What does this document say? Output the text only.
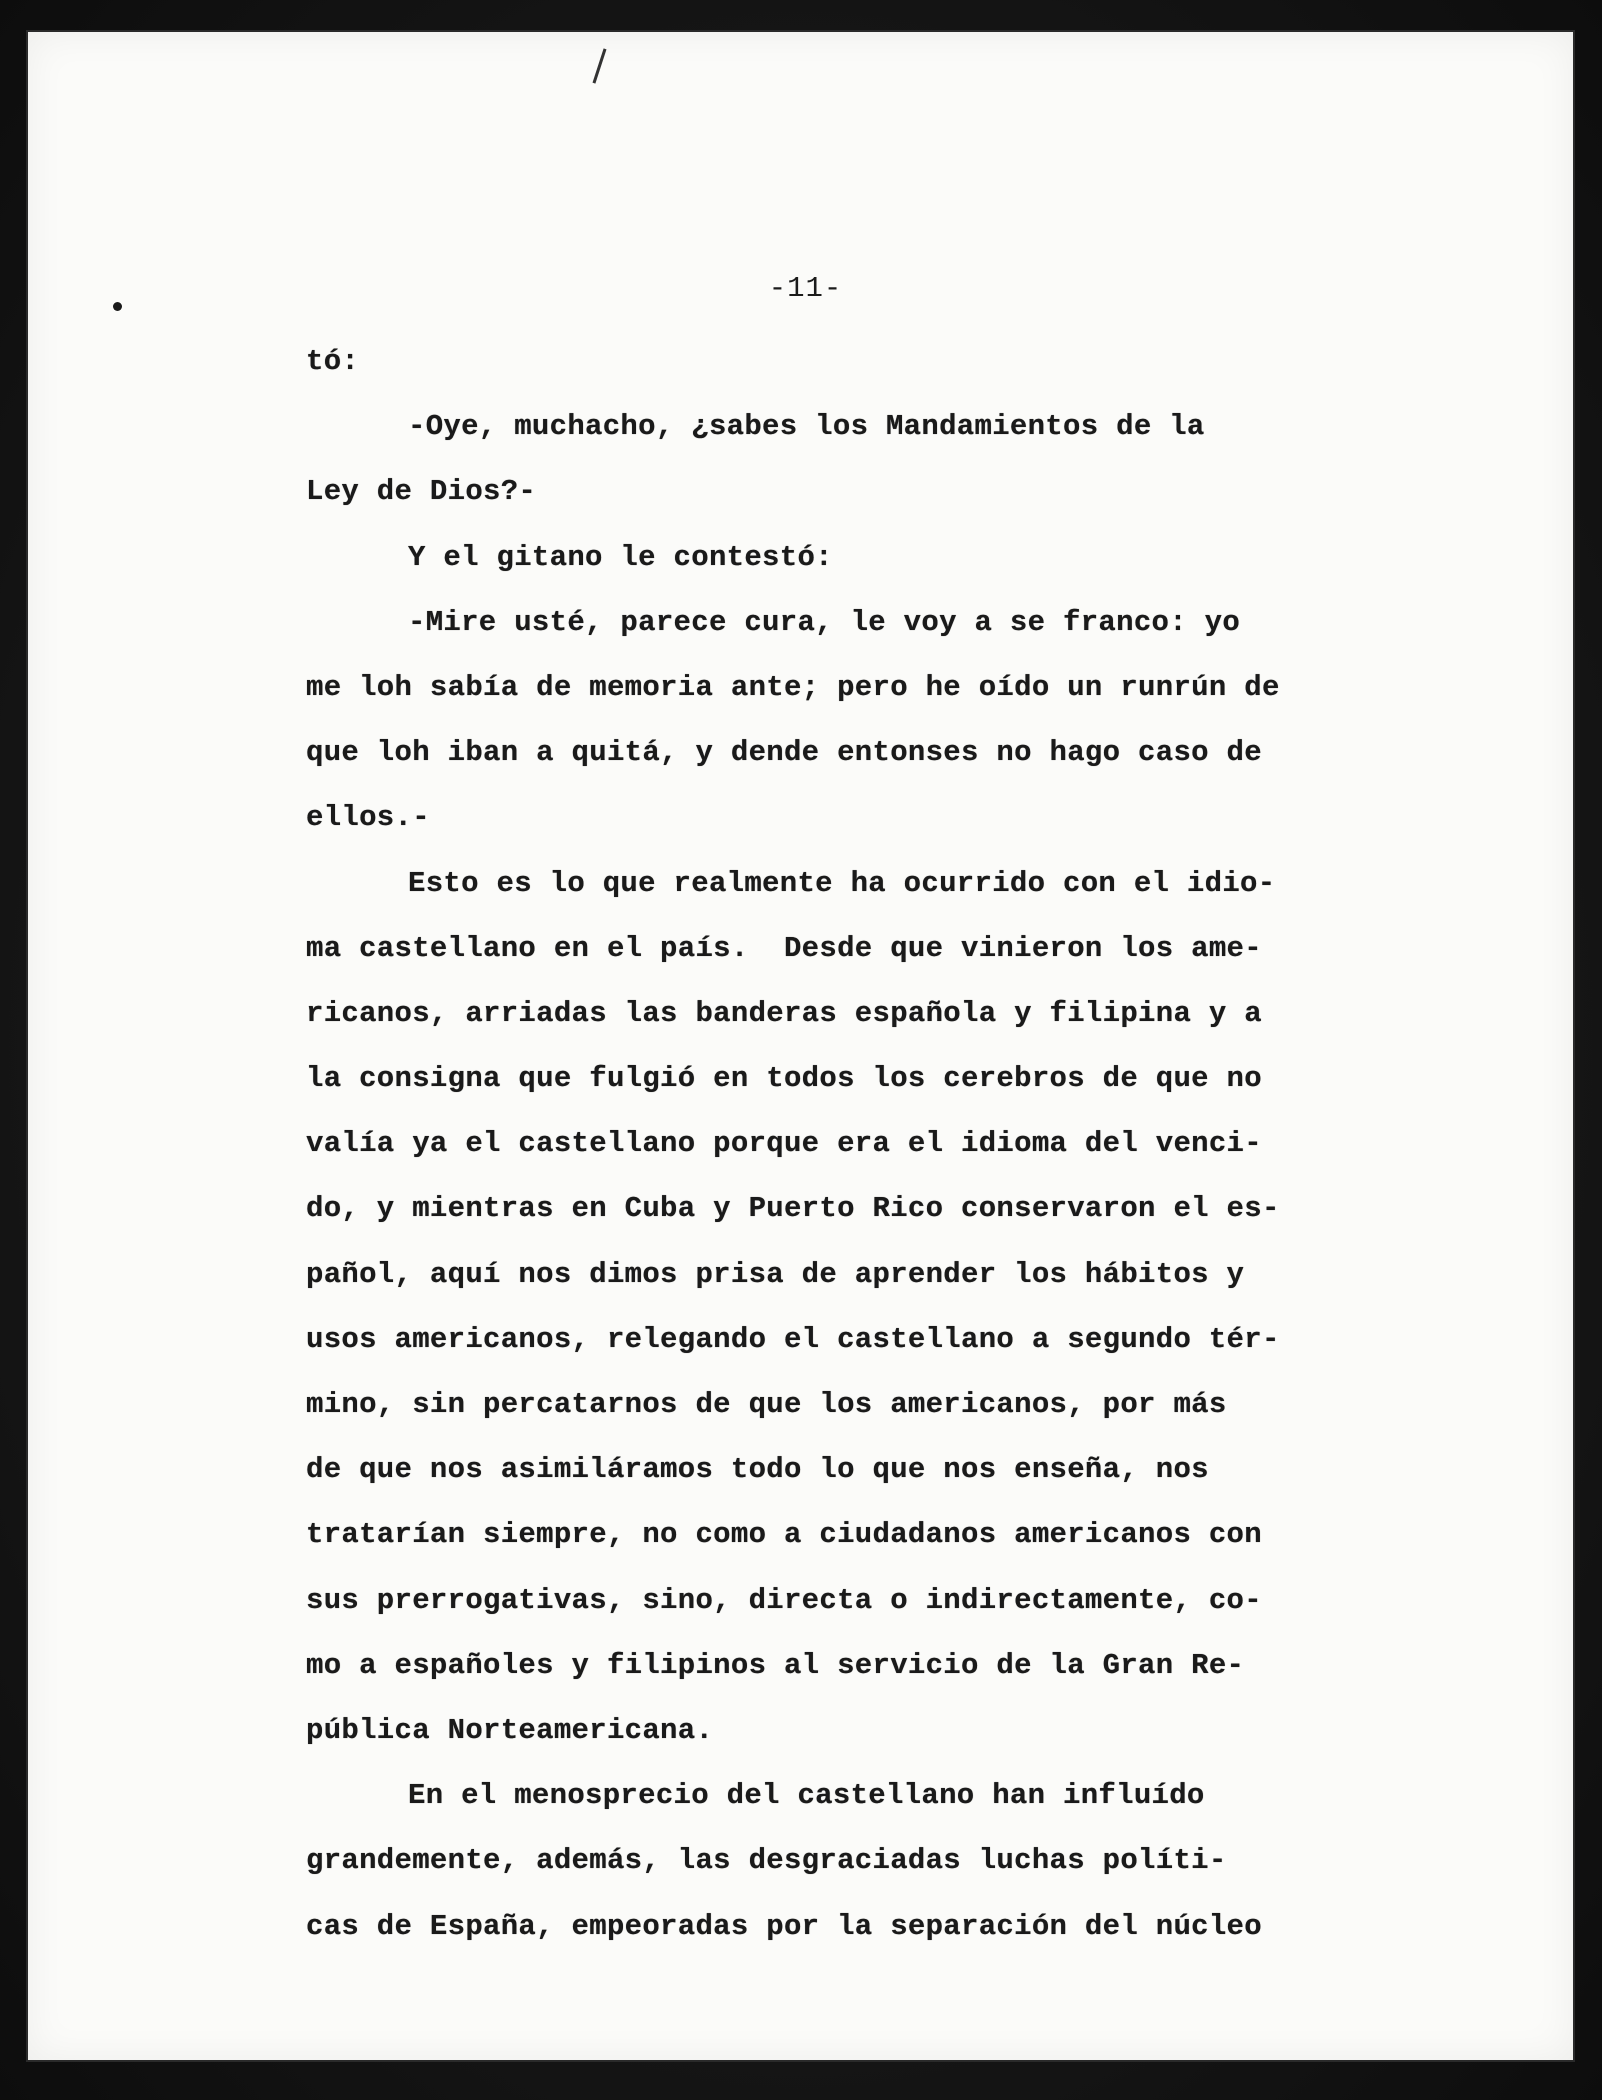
-11-
tó:
-Oye, muchacho, ¿sabes los Mandamientos de la
Ley de Dios?-
Y el gitano le contestó:
-Mire usté, parece cura, le voy a se franco: yo
me loh sabía de memoria ante; pero he oído un runrún de
que loh iban a quitá, y dende entonses no hago caso de
ellos.-
Esto es lo que realmente ha ocurrido con el idio-
ma castellano en el país.  Desde que vinieron los ame-
ricanos, arriadas las banderas española y filipina y a
la consigna que fulgió en todos los cerebros de que no
valía ya el castellano porque era el idioma del venci-
do, y mientras en Cuba y Puerto Rico conservaron el es-
pañol, aquí nos dimos prisa de aprender los hábitos y
usos americanos, relegando el castellano a segundo tér-
mino, sin percatarnos de que los americanos, por más
de que nos asimiláramos todo lo que nos enseña, nos
tratarían siempre, no como a ciudadanos americanos con
sus prerrogativas, sino, directa o indirectamente, co-
mo a españoles y filipinos al servicio de la Gran Re-
pública Norteamericana.
En el menosprecio del castellano han influído
grandemente, además, las desgraciadas luchas políti-
cas de España, empeoradas por la separación del núcleo
